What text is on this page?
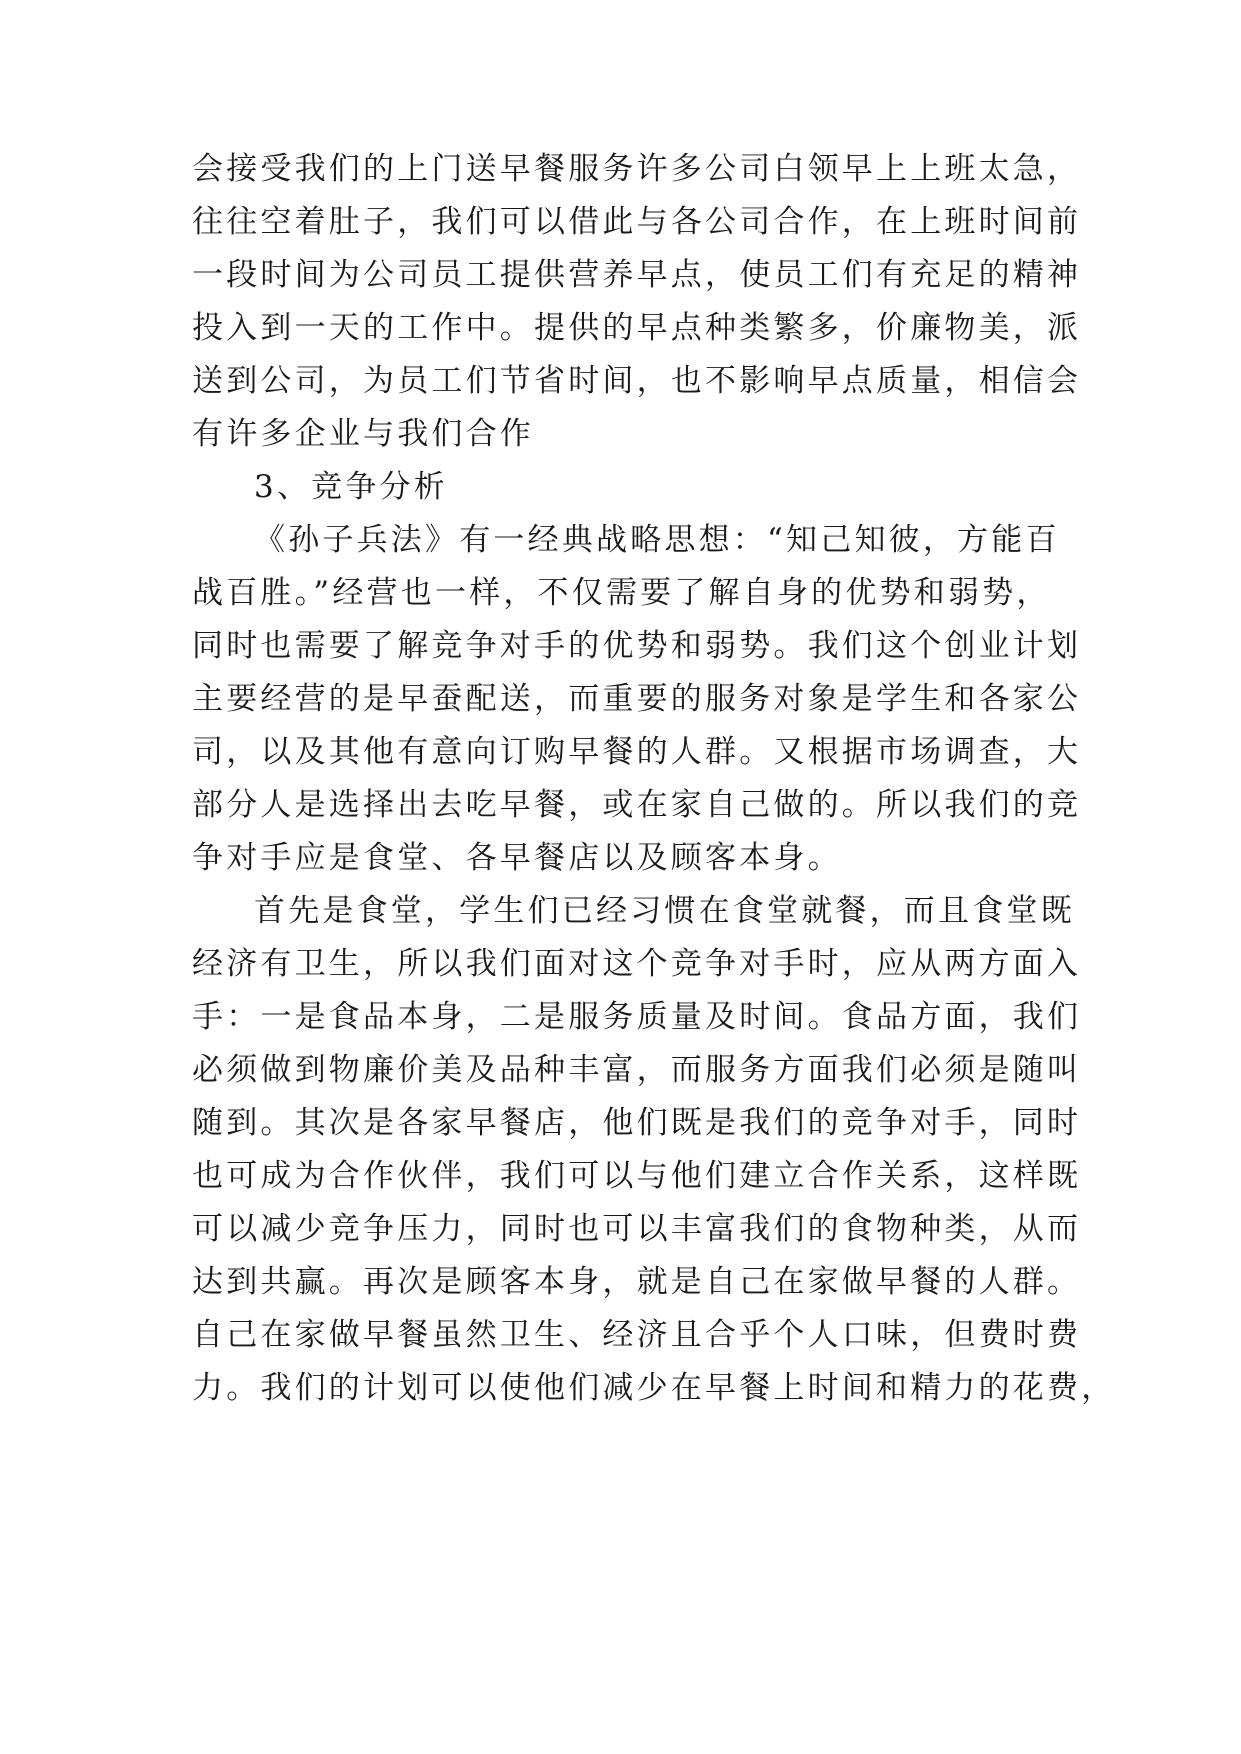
会接受我们的上门送早餐服务许多公司白领早上上班太急，
往往空着肚子，我们可以借此与各公司合作，在上班时间前
一段时间为公司员工提供营养早点，使员工们有充足的精神
投入到一天的工作中。提供的早点种类繁多，价廉物美，派
送到公司，为员工们节省时间，也不影响早点质量，相信会
有许多企业与我们合作
3、竞争分析
《孙子兵法》有一经典战略思想：“知己知彼，方能百
战百胜。”经营也一样，不仅需要了解自身的优势和弱势，
同时也需要了解竞争对手的优势和弱势。我们这个创业计划
主要经营的是早蚕配送，而重要的服务对象是学生和各家公
司，以及其他有意向订购早餐的人群。又根据市场调查，大
部分人是选择出去吃早餐，或在家自己做的。所以我们的竞
争对手应是食堂、各早餐店以及顾客本身。
首先是食堂，学生们已经习惯在食堂就餐，而且食堂既
经济有卫生，所以我们面对这个竞争对手时，应从两方面入
手：一是食品本身，二是服务质量及时间。食品方面，我们
必须做到物廉价美及品种丰富，而服务方面我们必须是随叫
随到。其次是各家早餐店，他们既是我们的竞争对手，同时
也可成为合作伙伴，我们可以与他们建立合作关系，这样既
可以减少竞争压力，同时也可以丰富我们的食物种类，从而
达到共赢。再次是顾客本身，就是自己在家做早餐的人群。
自己在家做早餐虽然卫生、经济且合乎个人口味，但费时费
力。我们的计划可以使他们减少在早餐上时间和精力的花费，
